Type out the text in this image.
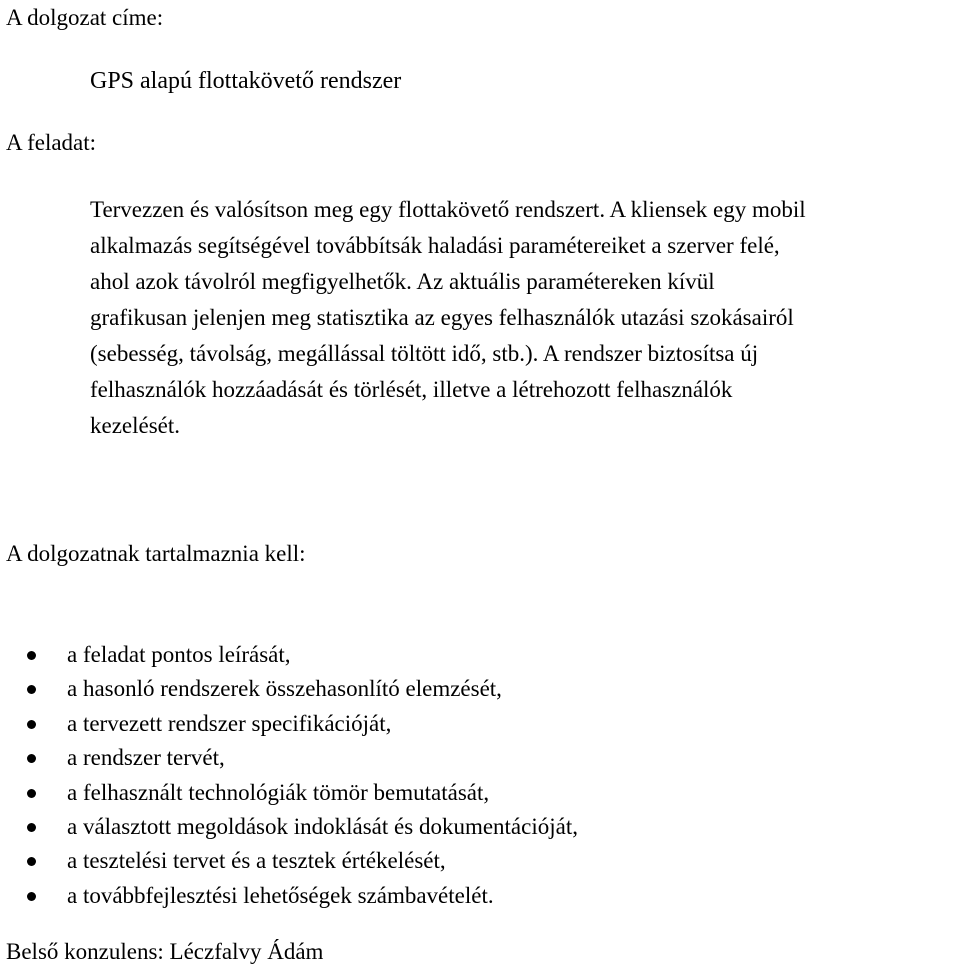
A dolgozat címe:
GPS alapú flottakövető rendszer
A feladat:

Tervezzen és valósítson meg egy flottakövető rendszert. A kliensek egy mobil
alkalmazás segítségével továbbítsák haladási paramétereiket a szerver felé,
ahol azok távolról megfigyelhetők. Az aktuális paramétereken kívül
grafikusan jelenjen meg statisztika az egyes felhasználók utazási szokásairól
(sebesség, távolság, megállással töltött idő, stb.). A rendszer biztosítsa új
felhasználók hozzáadását és törlését, illetve a létrehozott felhasználók
kezelését.

A dolgozatnak tartalmaznia kell:
a feladat pontos leírását,
a hasonló rendszerek összehasonlító elemzését,
a tervezett rendszer specifikációját,
a rendszer tervét,
a felhasznált technológiák tömör bemutatását,
a választott megoldások indoklását és dokumentációját,
a tesztelési tervet és a tesztek értékelését,
a továbbfejlesztési lehetőségek számbavételét.
Belső konzulens: Léczfalvy Ádám
